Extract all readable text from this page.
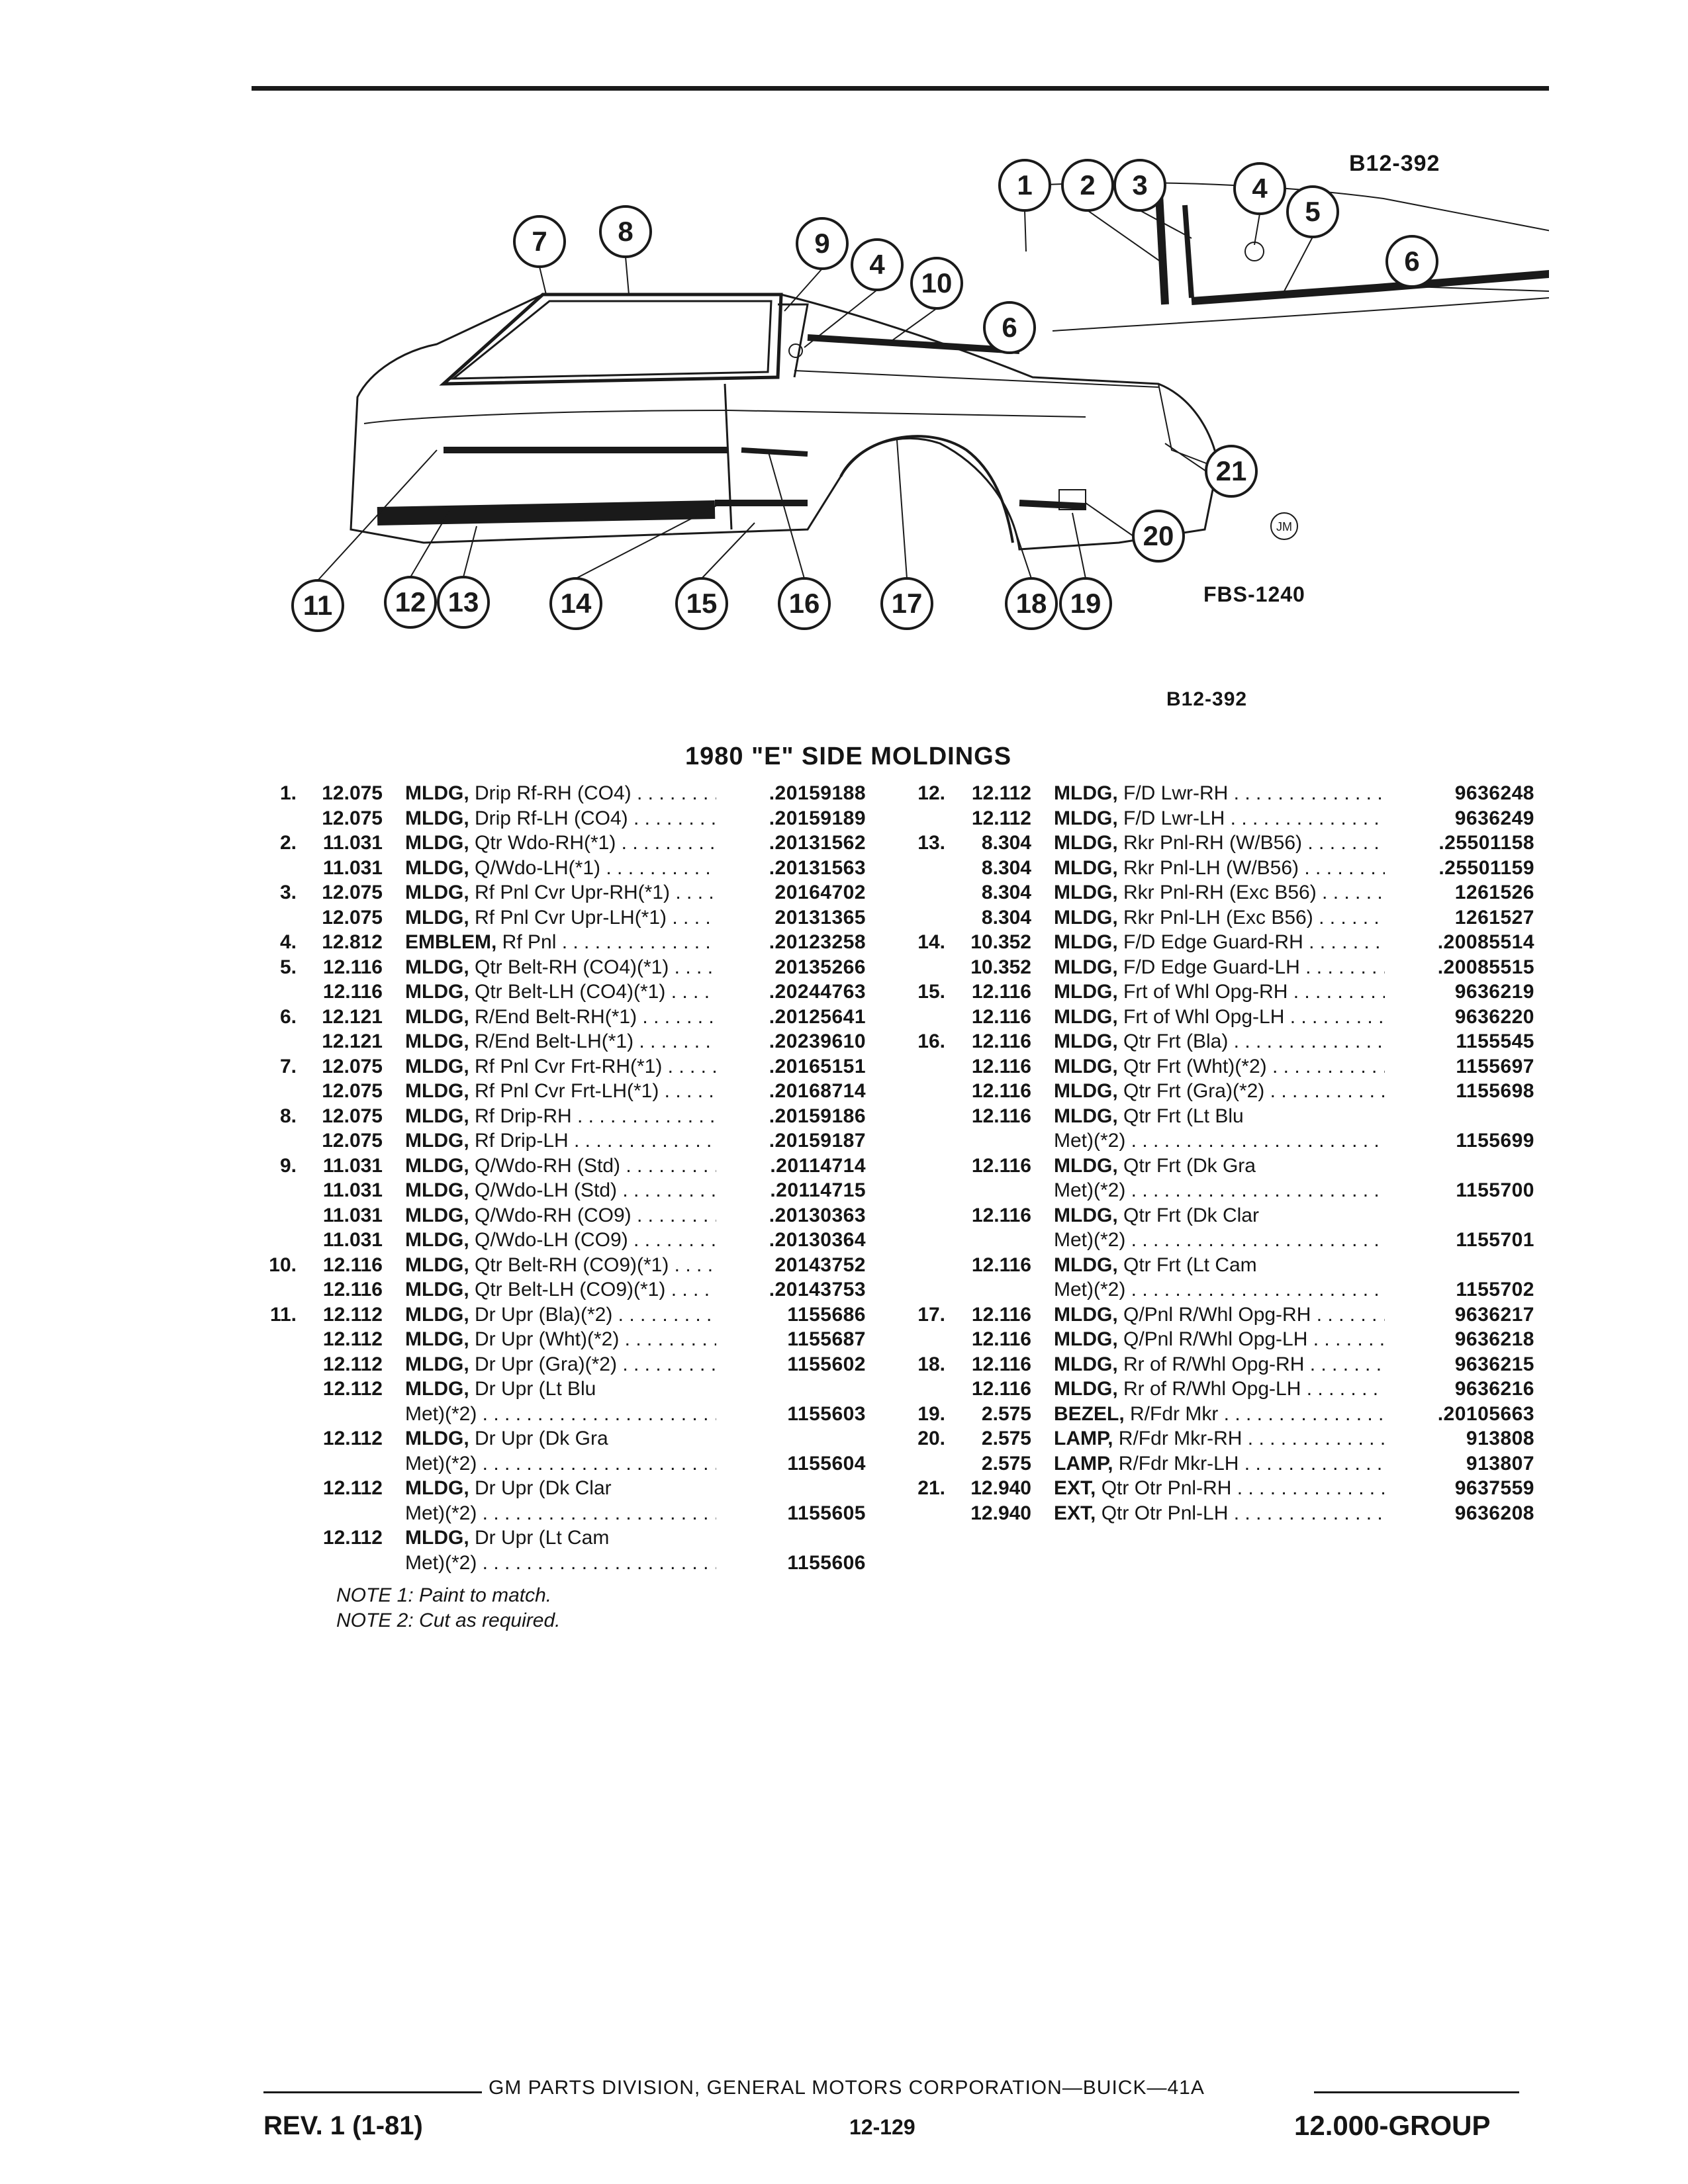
B12-392
1 2 3	4
5
6
7	8	9
4
10
6
21
20
11 12 13	14	15	16	17	18 19
JM
FBS-1240
B12-392
1980 "E" SIDE MOLDINGS
1.	12.075 MLDG, Drip Rf-RH (CO4) . . .	.20159188
12.075 MLDG, Drip Rf-LH (CO4) . . .	.20159189
2.	11.031 MLDG, Qtr Wdo-RH(*1) . . .	.20131562
11.031 MLDG, Q/Wdo-LH(*1) . . .	.20131563
3.	12.075 MLDG, Rf Pnl Cvr Upr-RH(*1) . . .	20164702
12.075 MLDG, Rf Pnl Cvr Upr-LH(*1) . . .	20131365
4.	12.812 EMBLEM, Rf Pnl . . .	.20123258
5.	12.116 MLDG, Qtr Belt-RH (CO4)(*1) . . .	20135266
12.116 MLDG, Qtr Belt-LH (CO4)(*1) . . .	.20244763
6.	12.121 MLDG, R/End Belt-RH(*1) . . .	.20125641
12.121 MLDG, R/End Belt-LH(*1) . . .	.20239610
7.	12.075 MLDG, Rf Pnl Cvr Frt-RH(*1) . . .	.20165151
12.075 MLDG, Rf Pnl Cvr Frt-LH(*1) . . .	.20168714
8.	12.075 MLDG, Rf Drip-RH . . .	.20159186
12.075 MLDG, Rf Drip-LH . . .	.20159187
9.	11.031 MLDG, Q/Wdo-RH (Std) . . .	.20114714
11.031 MLDG, Q/Wdo-LH (Std) . . .	.20114715
11.031 MLDG, Q/Wdo-RH (CO9) . . .	.20130363
11.031 MLDG, Q/Wdo-LH (CO9) . . .	.20130364
10.	12.116 MLDG, Qtr Belt-RH (CO9)(*1) . . .	20143752
12.116 MLDG, Qtr Belt-LH (CO9)(*1) . . .	.20143753
11.	12.112 MLDG, Dr Upr (Bla)(*2) . . .	1155686
12.112 MLDG, Dr Upr (Wht)(*2) . . .	1155687
12.112 MLDG, Dr Upr (Gra)(*2) . . .	1155602
12.112 MLDG, Dr Upr (Lt Blu
Met)(*2) . . .	1155603
12.112 MLDG, Dr Upr (Dk Gra
Met)(*2) . . .	1155604
12.112 MLDG, Dr Upr (Dk Clar
Met)(*2) . . .	1155605
12.112 MLDG, Dr Upr (Lt Cam
Met)(*2) . . .	1155606
12.	12.112 MLDG, F/D Lwr-RH . . .	9636248
12.112 MLDG, F/D Lwr-LH . . .	9636249
13.	8.304 MLDG, Rkr Pnl-RH (W/B56) . . .	.25501158
8.304 MLDG, Rkr Pnl-LH (W/B56) . . .	.25501159
8.304 MLDG, Rkr Pnl-RH (Exc B56) . . .	1261526
8.304 MLDG, Rkr Pnl-LH (Exc B56) . . .	1261527
14.	10.352 MLDG, F/D Edge Guard-RH . . .	.20085514
10.352 MLDG, F/D Edge Guard-LH . . .	.20085515
15.	12.116 MLDG, Frt of Whl Opg-RH . . .	9636219
12.116 MLDG, Frt of Whl Opg-LH . . .	9636220
16.	12.116 MLDG, Qtr Frt (Bla) . . .	1155545
12.116 MLDG, Qtr Frt (Wht)(*2) . . .	1155697
12.116 MLDG, Qtr Frt (Gra)(*2) . . .	1155698
12.116 MLDG, Qtr Frt (Lt Blu
Met)(*2) . . .	1155699
12.116 MLDG, Qtr Frt (Dk Gra
Met)(*2) . . .	1155700
12.116 MLDG, Qtr Frt (Dk Clar
Met)(*2) . . .	1155701
12.116 MLDG, Qtr Frt (Lt Cam
Met)(*2) . . .	1155702
17.	12.116 MLDG, Q/Pnl R/Whl Opg-RH . . .	9636217
12.116 MLDG, Q/Pnl R/Whl Opg-LH . . .	9636218
18.	12.116 MLDG, Rr of R/Whl Opg-RH . . .	9636215
12.116 MLDG, Rr of R/Whl Opg-LH . . .	9636216
19.	2.575 BEZEL, R/Fdr Mkr . . .	.20105663
20.	2.575 LAMP, R/Fdr Mkr-RH . . .	913808
2.575 LAMP, R/Fdr Mkr-LH . . .	913807
21.	12.940 EXT, Qtr Otr Pnl-RH . . .	9637559
12.940 EXT, Qtr Otr Pnl-LH . . .	9636208
NOTE 1: Paint to match.
NOTE 2: Cut as required.
GM PARTS DIVISION, GENERAL MOTORS CORPORATION—BUICK—41A
REV. 1 (1-81)	12-129	12.000-GROUP
